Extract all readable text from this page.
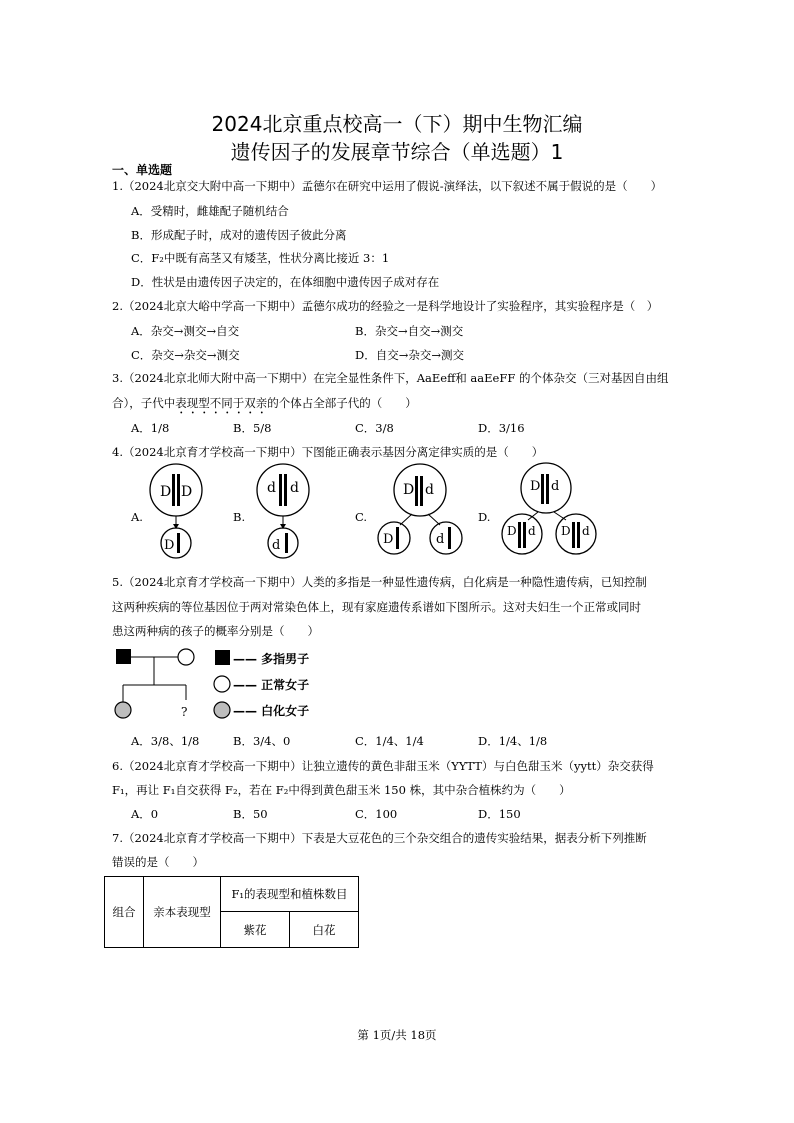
2024北京重点校高一（下）期中生物汇编
遗传因子的发展章节综合（单选题）1
一、单选题
1.（2024北京交大附中高一下期中）孟德尔在研究中运用了假说-演绎法，以下叙述不属于假说的是（　　）
A．受精时，雌雄配子随机结合
B．形成配子时，成对的遗传因子彼此分离
C．F₂中既有高茎又有矮茎，性状分离比接近 3：1
D．性状是由遗传因子决定的，在体细胞中遗传因子成对存在
2.（2024北京大峪中学高一下期中）孟德尔成功的经验之一是科学地设计了实验程序，其实验程序是（　）
A．杂交→测交→自交	B．杂交→自交→测交
C．杂交→杂交→测交	D．自交→杂交→测交
3.（2024北京北师大附中高一下期中）在完全显性条件下，AaEeff和 aaEeFF 的个体杂交（三对基因自由组
合），子代中表现型不同于双亲的个体占全部子代的（　　）
A．1/8	B．5/8	C．3/8	D．3/16
4.（2024北京育才学校高一下期中）下图能正确表示基因分离定律实质的是（　　）
A.	B.	C.	D.
D D
D
d d
d
D d
D	d
D d
D d D d
5.（2024北京育才学校高一下期中）人类的多指是一种显性遗传病，白化病是一种隐性遗传病，已知控制
这两种疾病的等位基因位于两对常染色体上，现有家庭遗传系谱如下图所示。这对夫妇生一个正常或同时
患这两种病的孩子的概率分别是（　　）
?
—— 多指男子
—— 正常女子
—— 白化女子
A．3/8、1/8	B．3/4、0	C．1/4、1/4	D．1/4、1/8
6.（2024北京育才学校高一下期中）让独立遗传的黄色非甜玉米（YYTT）与白色甜玉米（yytt）杂交获得
F₁，再让 F₁自交获得 F₂，若在 F₂中得到黄色甜玉米 150 株，其中杂合植株约为（　　）
A．0	B．50	C．100	D．150
7.（2024北京育才学校高一下期中）下表是大豆花色的三个杂交组合的遗传实验结果，据表分析下列推断
错误的是（　　）
组合	亲本表现型	F₁的表现型和植株数目	
		紫花	白花
第 1页/共 18页
